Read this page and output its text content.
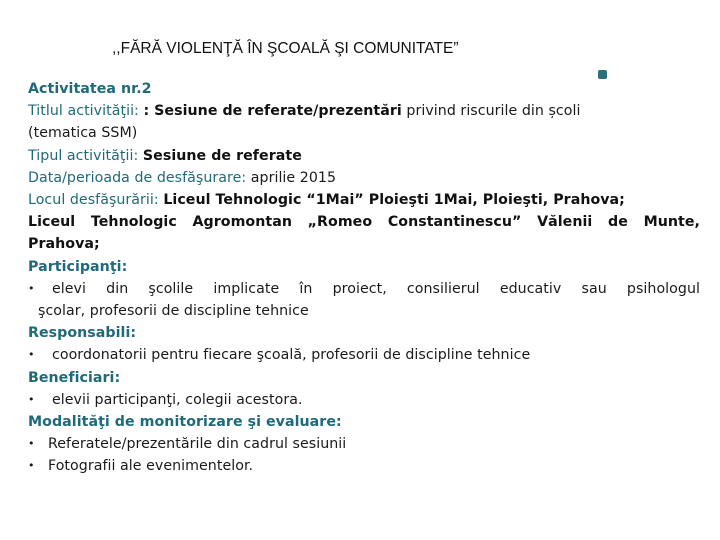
,,FĂRĂ VIOLENŢĂ ÎN ŞCOALĂ ŞI COMUNITATE”
Activitatea nr.2
Titlul activităţii: : Sesiune de referate/prezentări privind riscurile din școli
(tematica SSM)
Tipul activităţii: Sesiune de referate
Data/perioada de desfăşurare: aprilie 2015
Locul desfăşurării: Liceul Tehnologic “1Mai” Ploieşti 1Mai, Ploieşti, Prahova;
Liceul Tehnologic Agromontan „Romeo Constantinescu” Vălenii de Munte,
Prahova;
Participanţi:
• elevi din şcolile implicate în proiect, consilierul educativ sau psihologul
şcolar, profesorii de discipline tehnice
Responsabili:
• coordonatorii pentru fiecare şcoală, profesorii de discipline tehnice
Beneficiari:
• elevii participanţi, colegii acestora.
Modalităţi de monitorizare şi evaluare:
• Referatele/prezentările din cadrul sesiunii
• Fotografii ale evenimentelor.
